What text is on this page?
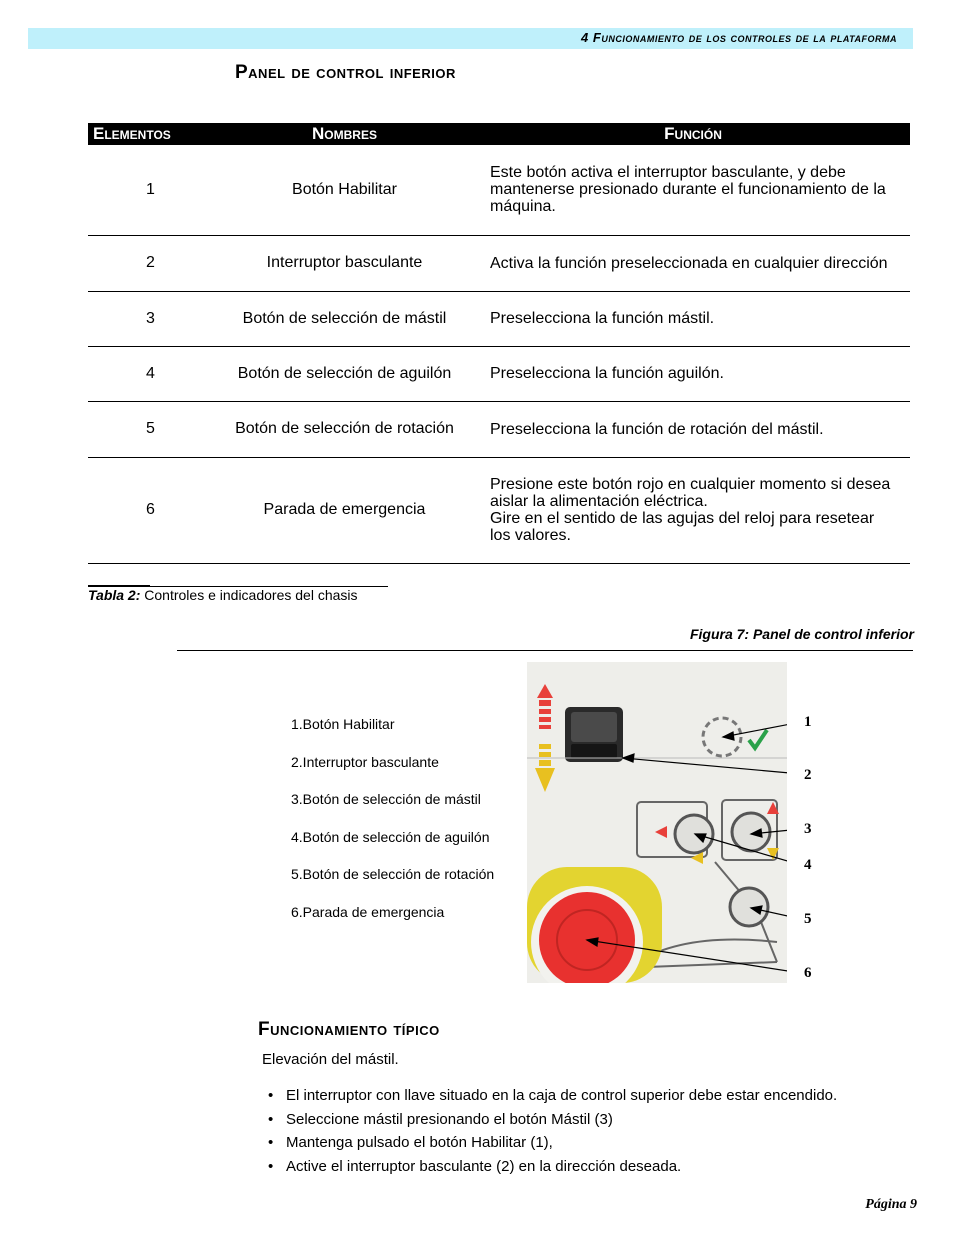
4 Funcionamiento de los controles de la plataforma
Panel de control inferior
Elementos	Nombres	Función
1	Botón Habilitar	Este botón activa el interruptor basculante, y debe
mantenerse presionado durante el funcionamiento de la
máquina.

2	Interruptor basculante	Activa la función preseleccionada en cualquier dirección

3	Botón de selección de mástil	Preselecciona la función mástil.

4	Botón de selección de aguilón	Preselecciona la función aguilón.

5	Botón de selección de rotación	Preselecciona la función de rotación del mástil.

6	Parada de emergencia	Presione este botón rojo en cualquier momento si desea
aislar la alimentación eléctrica.
Gire en el sentido de las agujas del reloj para resetear
los valores.
Tabla 2: Controles e indicadores del chasis
Figura 7: Panel de control inferior
1.Botón Habilitar
2.Interruptor basculante
3.Botón de selección de mástil
4.Botón de selección de aguilón
5.Botón de selección de rotación
6.Parada de emergencia
1
2
3
4
5
6
Funcionamiento típico
Elevación del mástil.
• El interruptor con llave situado en la caja de control superior debe estar encendido.
• Seleccione mástil presionando el botón Mástil (3)
• Mantenga pulsado el botón Habilitar (1),
• Active el interruptor basculante (2) en la dirección deseada.
Página 9
